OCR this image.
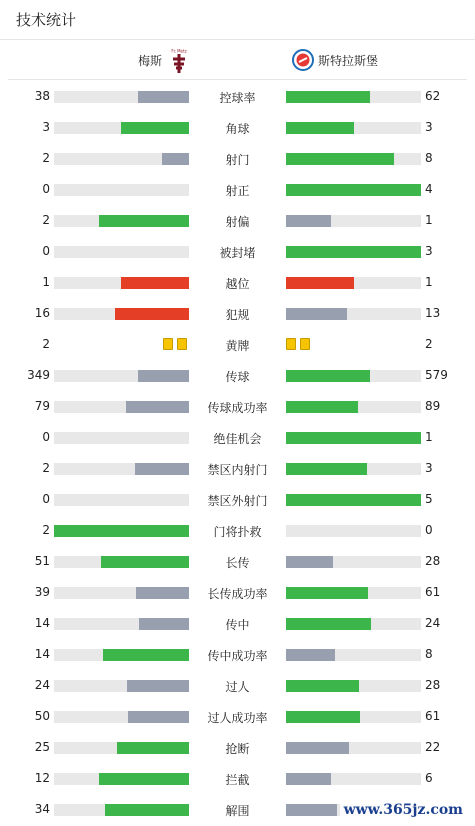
技术统计
梅斯
Fc Metz
斯特拉斯堡
38	控球率	62
3	角球	3
2	射门	8
0	射正	4
2	射偏	1
0	被封堵	3
1	越位	1
16	犯规	13
2	黄牌	2
349	传球	579
79	传球成功率	89
0	绝佳机会	1
2	禁区内射门	3
0	禁区外射门	5
2	门将扑救	0
51	长传	28
39	长传成功率	61
14	传中	24
14	传中成功率	8
24	过人	28
50	过人成功率	61
25	抢断	22
12	拦截	6
34	解围	www.365jz.com
